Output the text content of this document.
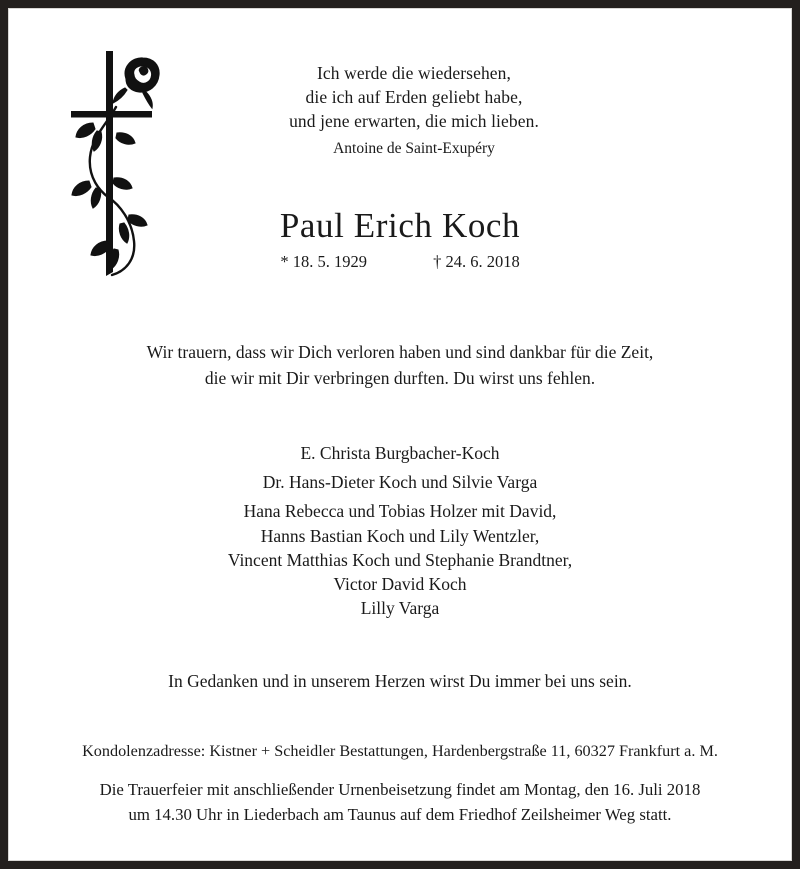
Ich werde die wiedersehen,
die ich auf Erden geliebt habe,
und jene erwarten, die mich lieben.
Antoine de Saint-Exupéry
Paul Erich Koch
* 18. 5. 1929	† 24. 6. 2018
Wir trauern, dass wir Dich verloren haben und sind dankbar für die Zeit,
die wir mit Dir verbringen durften. Du wirst uns fehlen.
E. Christa Burgbacher-Koch
Dr. Hans-Dieter Koch und Silvie Varga
Hana Rebecca und Tobias Holzer mit David,
Hanns Bastian Koch und Lily Wentzler,
Vincent Matthias Koch und Stephanie Brandtner,
Victor David Koch
Lilly Varga
In Gedanken und in unserem Herzen wirst Du immer bei uns sein.
Kondolenzadresse: Kistner + Scheidler Bestattungen, Hardenbergstraße 11, 60327 Frankfurt a. M.
Die Trauerfeier mit anschließender Urnenbeisetzung findet am Montag, den 16. Juli 2018
um 14.30 Uhr in Liederbach am Taunus auf dem Friedhof Zeilsheimer Weg statt.
